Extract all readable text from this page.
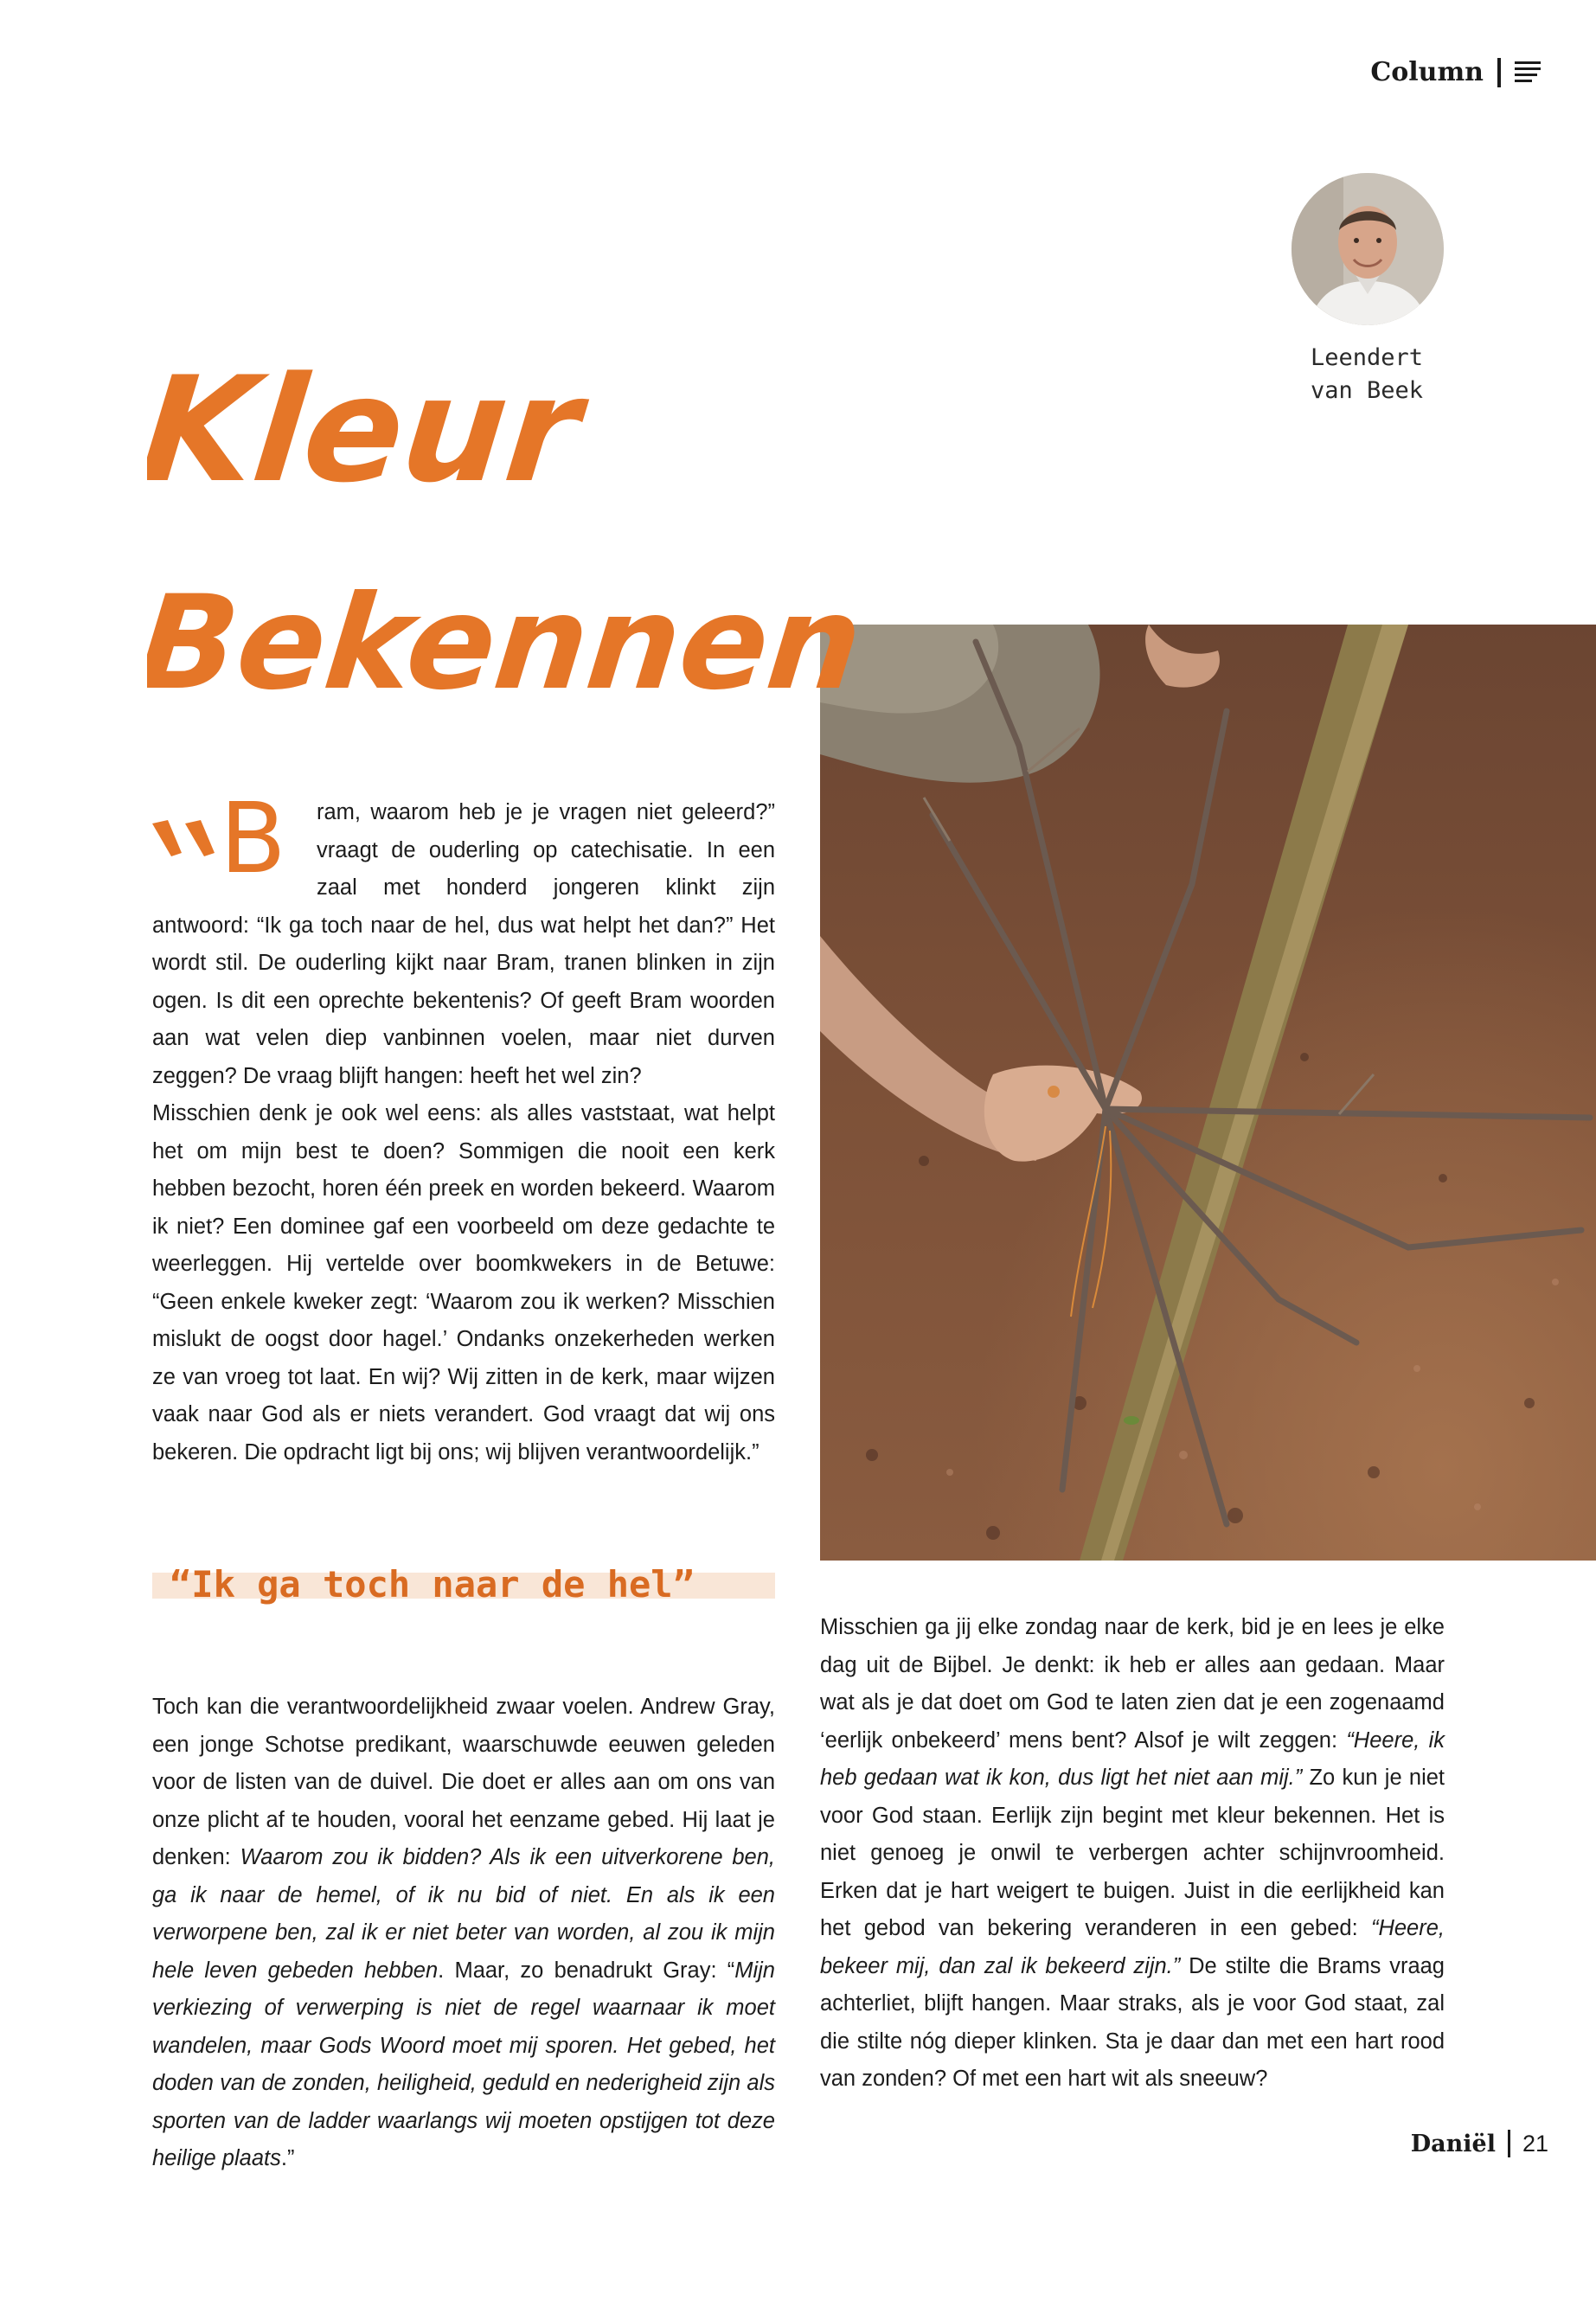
Column
Leendert
van Beek
Kleur
Bekennen
B	ram, waarom heb je je vragen niet geleerd?” vraagt de ouderling op catechisatie. In een zaal met honderd jongeren klinkt zijn antwoord: “Ik ga toch naar de hel, dus wat helpt het dan?” Het wordt stil. De ouderling kijkt naar Bram, tranen blinken in zijn ogen. Is dit een oprechte bekentenis? Of geeft Bram woorden aan wat velen diep vanbinnen voelen, maar niet durven zeggen? De vraag blijft hangen: heeft het wel zin?

Misschien denk je ook wel eens: als alles vaststaat, wat helpt het om mijn best te doen? Sommigen die nooit een kerk hebben bezocht, horen één preek en worden bekeerd. Waarom ik niet? Een dominee gaf een voorbeeld om deze gedachte te weerleggen. Hij vertelde over boomkwekers in de Betuwe: “Geen enkele kweker zegt: ‘Waarom zou ik werken? Misschien mislukt de oogst door hagel.’ Ondanks onzekerheden werken ze van vroeg tot laat. En wij? Wij zitten in de kerk, maar wijzen vaak naar God als er niets verandert. God vraagt dat wij ons bekeren. Die opdracht ligt bij ons; wij blijven verantwoordelijk.”

“Ik ga toch naar de hel”

Toch kan die verantwoordelijkheid zwaar voelen. Andrew Gray, een jonge Schotse predikant, waarschuwde eeuwen geleden voor de listen van de duivel. Die doet er alles aan om ons van onze plicht af te houden, vooral het eenzame gebed. Hij laat je denken: Waarom zou ik bidden? Als ik een uitverkorene ben, ga ik naar de hemel, of ik nu bid of niet. En als ik een verworpene ben, zal ik er niet beter van worden, al zou ik mijn hele leven gebeden hebben. Maar, zo benadrukt Gray: “Mijn verkiezing of verwerping is niet de regel waarnaar ik moet wandelen, maar Gods Woord moet mij sporen. Het gebed, het doden van de zonden, heiligheid, geduld en nederigheid zijn als sporten van de ladder waarlangs wij moeten opstijgen tot deze heilige plaats.”

Misschien ga jij elke zondag naar de kerk, bid je en lees je elke dag uit de Bijbel. Je denkt: ik heb er alles aan gedaan. Maar wat als je dat doet om God te laten zien dat je een zogenaamd ‘eerlijk onbekeerd’ mens bent? Alsof je wilt zeggen: “Heere, ik heb gedaan wat ik kon, dus ligt het niet aan mij.” Zo kun je niet voor God staan. Eerlijk zijn begint met kleur bekennen. Het is niet genoeg je onwil te verbergen achter schijnvroomheid. Erken dat je hart weigert te buigen. Juist in die eerlijkheid kan het gebod van bekering veranderen in een gebed: “Heere, bekeer mij, dan zal ik bekeerd zijn.” De stilte die Brams vraag achterliet, blijft hangen. Maar straks, als je voor God staat, zal die stilte nóg dieper klinken. Sta je daar dan met een hart rood van zonden? Of met een hart wit als sneeuw?

Daniël 21
